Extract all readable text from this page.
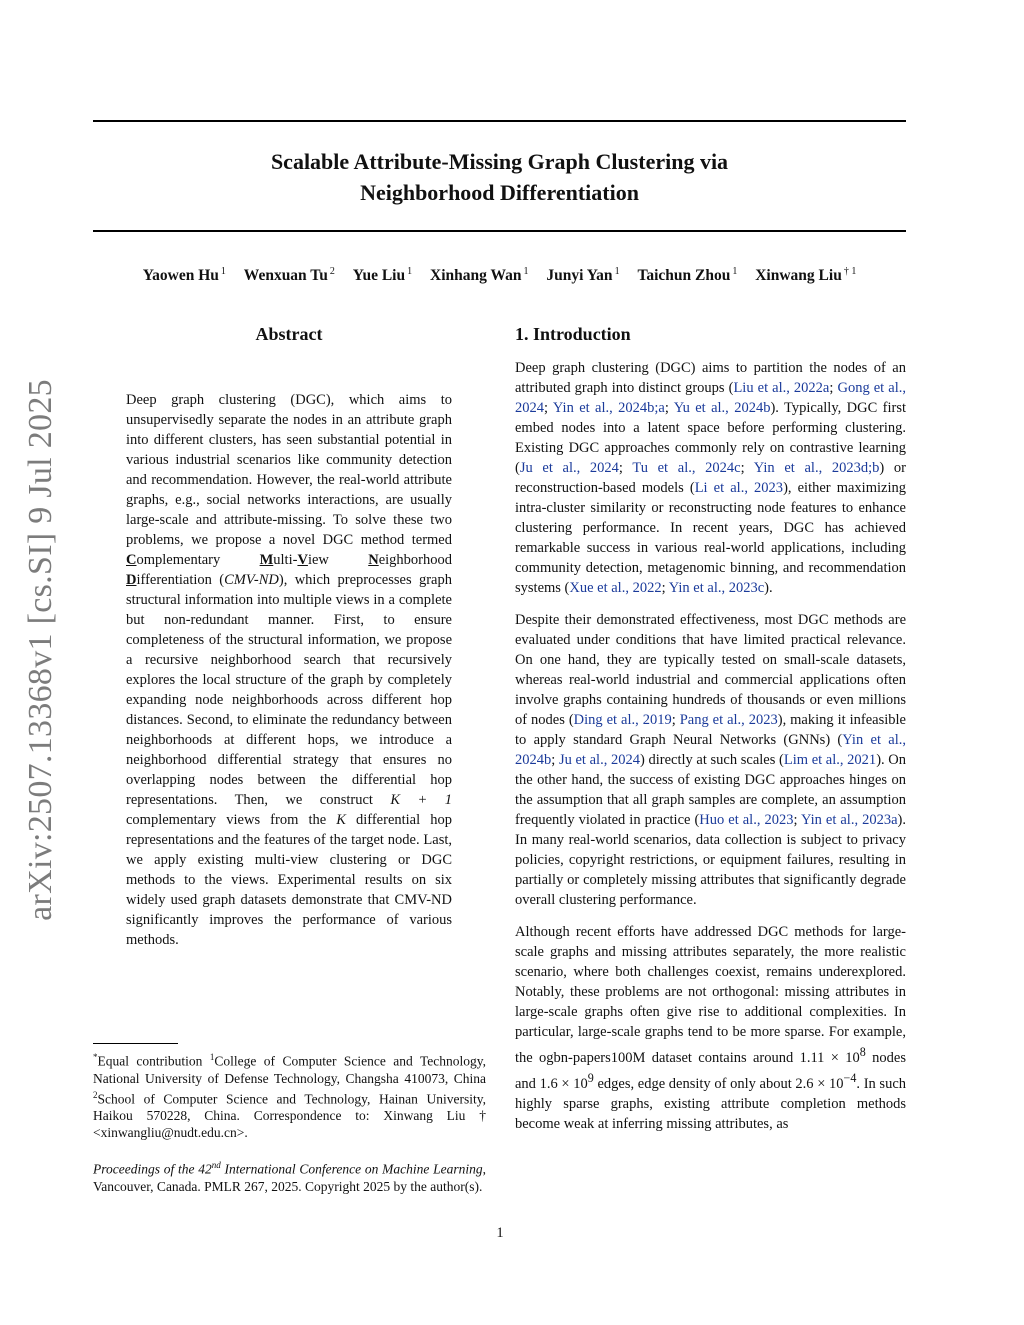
arXiv:2507.13368v1 [cs.SI] 9 Jul 2025
Scalable Attribute-Missing Graph Clustering via
Neighborhood Differentiation
Yaowen Hu $^1$ Wenxuan Tu $^2$ Yue Liu $^1$ Xinhang Wan $^1$ Junyi Yan $^1$ Taichun Zhou $^1$ Xinwang Liu $^{\dagger 1}$
Abstract

Deep graph clustering (DGC), which aims to unsupervisedly separate the nodes in an attribute graph into different clusters, has seen substantial potential in various industrial scenarios like community detection and recommendation. However, the real-world attribute graphs, e.g., social networks interactions, are usually large-scale and attribute-missing. To solve these two problems, we propose a novel DGC method termed Complementary Multi-View Neighborhood Differentiation (CMV-ND), which preprocesses graph structural information into multiple views in a complete but non-redundant manner. First, to ensure completeness of the structural information, we propose a recursive neighborhood search that recursively explores the local structure of the graph by completely expanding node neighborhoods across different hop distances. Second, to eliminate the redundancy between neighborhoods at different hops, we introduce a neighborhood differential strategy that ensures no overlapping nodes between the differential hop representations. Then, we construct K + 1 complementary views from the K differential hop representations and the features of the target node. Last, we apply existing multi-view clustering or DGC methods to the views. Experimental results on six widely used graph datasets demonstrate that CMV-ND significantly improves the performance of various methods.

1. Introduction

Deep graph clustering (DGC) aims to partition the nodes of an attributed graph into distinct groups (Liu et al., 2022a; Gong et al., 2024; Yin et al., 2024b;a; Yu et al., 2024b). Typically, DGC first embed nodes into a latent space before performing clustering. Existing DGC approaches commonly rely on contrastive learning (Ju et al., 2024; Tu et al., 2024c; Yin et al., 2023d;b) or reconstruction-based models (Li et al., 2023), either maximizing intra-cluster similarity or reconstructing node features to enhance clustering performance. In recent years, DGC has achieved remarkable success in various real-world applications, including community detection, metagenomic binning, and recommendation systems (Xue et al., 2022; Yin et al., 2023c).

Despite their demonstrated effectiveness, most DGC methods are evaluated under conditions that have limited practical relevance. On one hand, they are typically tested on small-scale datasets, whereas real-world industrial and commercial applications often involve graphs containing hundreds of thousands or even millions of nodes (Ding et al., 2019; Pang et al., 2023), making it infeasible to apply standard Graph Neural Networks (GNNs) (Yin et al., 2024b; Ju et al., 2024) directly at such scales (Lim et al., 2021). On the other hand, the success of existing DGC approaches hinges on the assumption that all graph samples are complete, an assumption frequently violated in practice (Huo et al., 2023; Yin et al., 2023a). In many real-world scenarios, data collection is subject to privacy policies, copyright restrictions, or equipment failures, resulting in partially or completely missing attributes that significantly degrade overall clustering performance.

Although recent efforts have addressed DGC methods for large-scale graphs and missing attributes separately, the more realistic scenario, where both challenges coexist, remains underexplored. Notably, these problems are not orthogonal: missing attributes in large-scale graphs often give rise to additional complexities. In particular, large-scale graphs tend to be more sparse. For example, the ogbn-papers100M dataset contains around $1.11 \times 10^8$ nodes and $1.6 \times 10^9$ edges, edge density of only about $2.6 \times 10^{-4}$. In such highly sparse graphs, existing attribute completion methods become weak at inferring missing attributes, as

*Equal contribution $^1$College of Computer Science and Technology, National University of Defense Technology, Changsha 410073, China $^2$School of Computer Science and Technology, Hainan University, Haikou 570228, China. Correspondence to: Xinwang Liu † <xinwangliu@nudt.edu.cn>.

Proceedings of the 42nd International Conference on Machine Learning, Vancouver, Canada. PMLR 267, 2025. Copyright 2025 by the author(s).

1
